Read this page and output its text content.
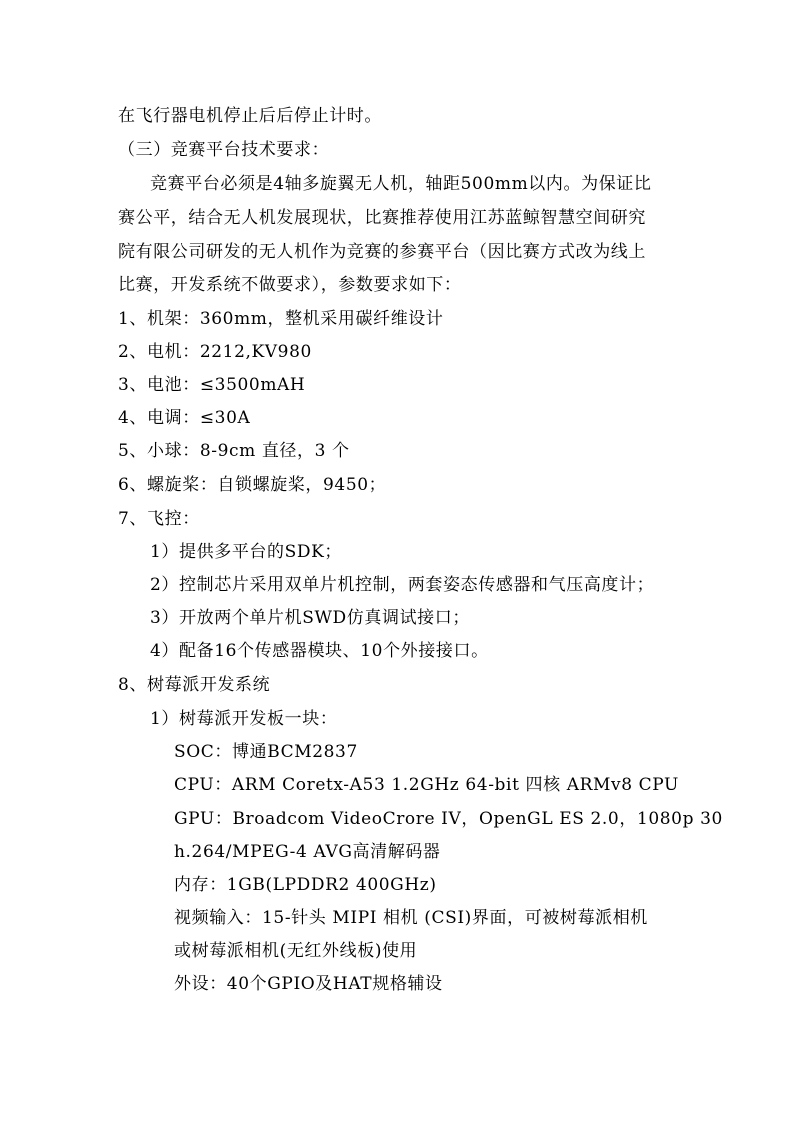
在飞行器电机停止后后停止计时。
（三）竞赛平台技术要求：
竞赛平台必须是4轴多旋翼无人机，轴距500mm以内。为保证比
赛公平，结合无人机发展现状，比赛推荐使用江苏蓝鲸智慧空间研究
院有限公司研发的无人机作为竞赛的参赛平台（因比赛方式改为线上
比赛，开发系统不做要求），参数要求如下：
1、机架：360mm，整机采用碳纤维设计
2、电机：2212,KV980
3、电池：≤3500mAH
4、电调：≤30A
5、小球：8-9cm 直径，3 个
6、螺旋桨：自锁螺旋桨，9450；
7、飞控：
1）提供多平台的SDK；
2）控制芯片采用双单片机控制，两套姿态传感器和气压高度计；
3）开放两个单片机SWD仿真调试接口；
4）配备16个传感器模块、10个外接接口。
8、树莓派开发系统
1）树莓派开发板一块：
SOC：博通BCM2837
CPU：ARM Coretx-A53 1.2GHz 64-bit 四核 ARMv8 CPU
GPU：Broadcom VideoCrore IV，OpenGL ES 2.0，1080p 30
h.264/MPEG-4 AVG高清解码器
内存：1GB(LPDDR2 400GHz)
视频输入：15-针头 MIPI 相机 (CSI)界面，可被树莓派相机
或树莓派相机(无红外线板)使用
外设：40个GPIO及HAT规格辅设
